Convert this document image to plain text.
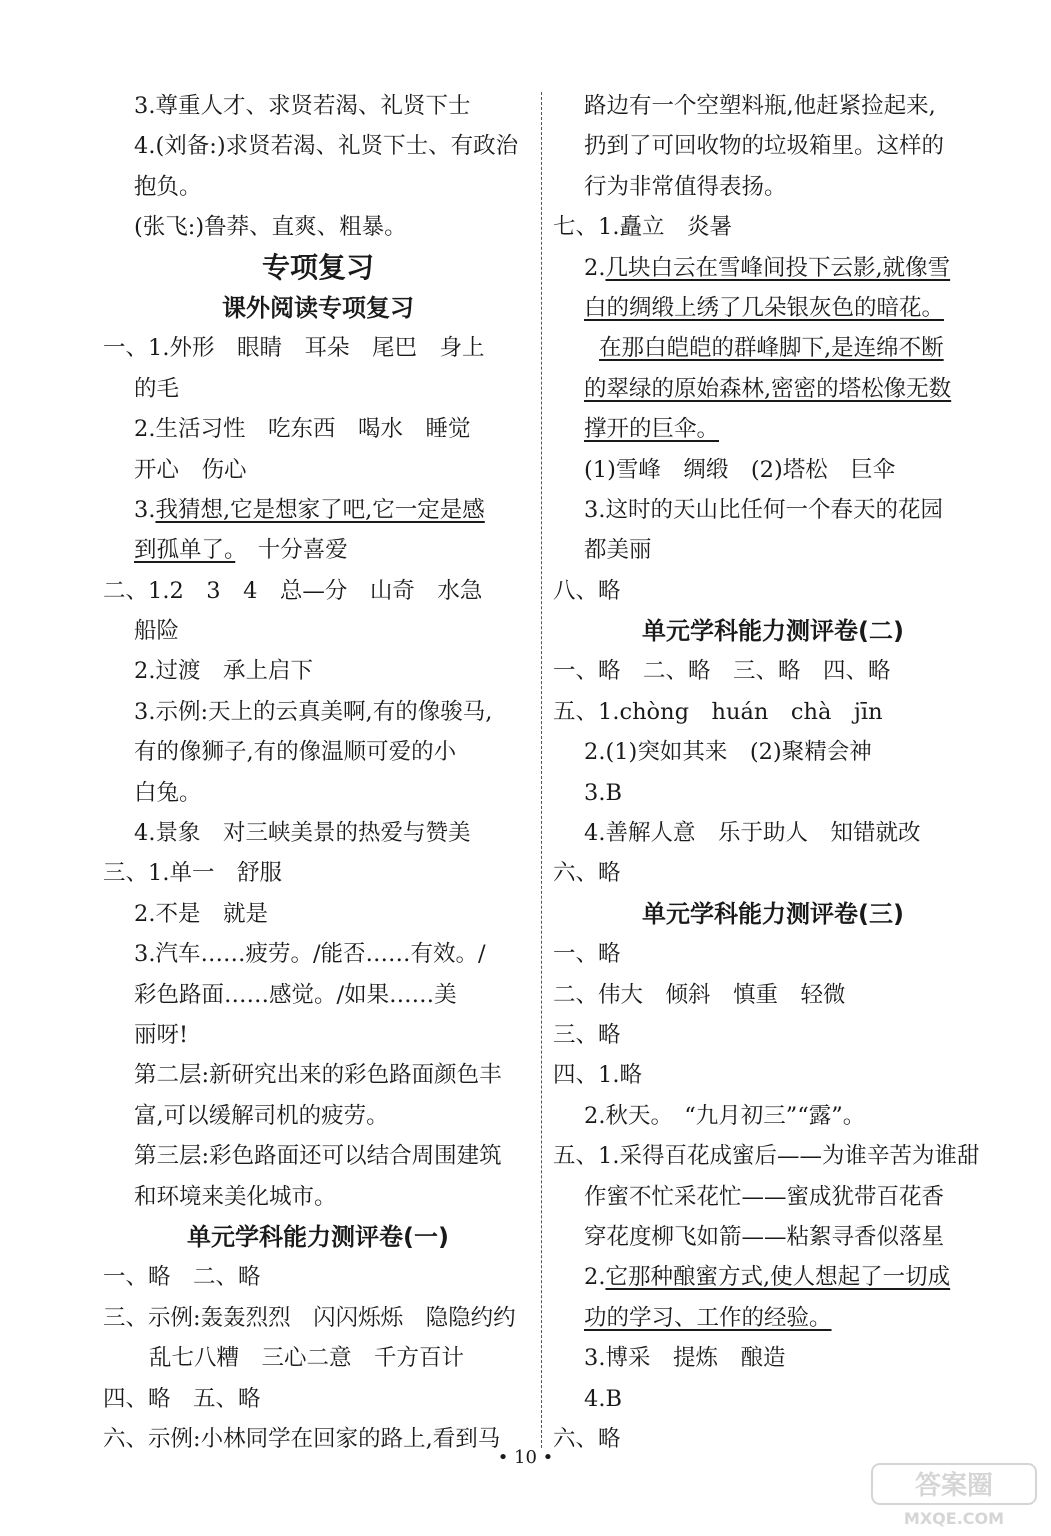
3.尊重人才、求贤若渴、礼贤下士
4.(刘备:)求贤若渴、礼贤下士、有政治
抱负。
(张飞:)鲁莽、直爽、粗暴。
专项复习
课外阅读专项复习
一、1.外形　眼睛　耳朵　尾巴　身上
的毛
2.生活习性　吃东西　喝水　睡觉
开心　伤心
3.我猜想,它是想家了吧,它一定是感
到孤单了。　十分喜爱
二、1.2　3　4　总—分　山奇　水急
船险
2.过渡　承上启下
3.示例:天上的云真美啊,有的像骏马,
有的像狮子,有的像温顺可爱的小
白兔。
4.景象　对三峡美景的热爱与赞美
三、1.单一　舒服
2.不是　就是
3.汽车……疲劳。/能否……有效。/
彩色路面……感觉。/如果……美
丽呀!
第二层:新研究出来的彩色路面颜色丰
富,可以缓解司机的疲劳。
第三层:彩色路面还可以结合周围建筑
和环境来美化城市。
单元学科能力测评卷(一)
一、略　二、略
三、示例:轰轰烈烈　闪闪烁烁　隐隐约约
乱七八糟　三心二意　千方百计
四、略　五、略
六、示例:小林同学在回家的路上,看到马
路边有一个空塑料瓶,他赶紧捡起来,
扔到了可回收物的垃圾箱里。这样的
行为非常值得表扬。
七、1.矗立　炎暑
2.几块白云在雪峰间投下云影,就像雪
白的绸缎上绣了几朵银灰色的暗花。
在那白皑皑的群峰脚下,是连绵不断
的翠绿的原始森林,密密的塔松像无数
撑开的巨伞。
(1)雪峰　绸缎　(2)塔松　巨伞
3.这时的天山比任何一个春天的花园
都美丽
八、略
单元学科能力测评卷(二)
一、略　二、略　三、略　四、略
五、1.chòng　huán　chà　jīn
2.(1)突如其来　(2)聚精会神
3.B
4.善解人意　乐于助人　知错就改
六、略
单元学科能力测评卷(三)
一、略
二、伟大　倾斜　慎重　轻微
三、略
四、1.略
2.秋天。　“九月初三”“露”。
五、1.采得百花成蜜后——为谁辛苦为谁甜
作蜜不忙采花忙——蜜成犹带百花香
穿花度柳飞如箭——粘絮寻香似落星
2.它那种酿蜜方式,使人想起了一切成
功的学习、工作的经验。
3.博采　提炼　酿造
4.B
六、略
• 10 •
答案圈
MXQE.COM
